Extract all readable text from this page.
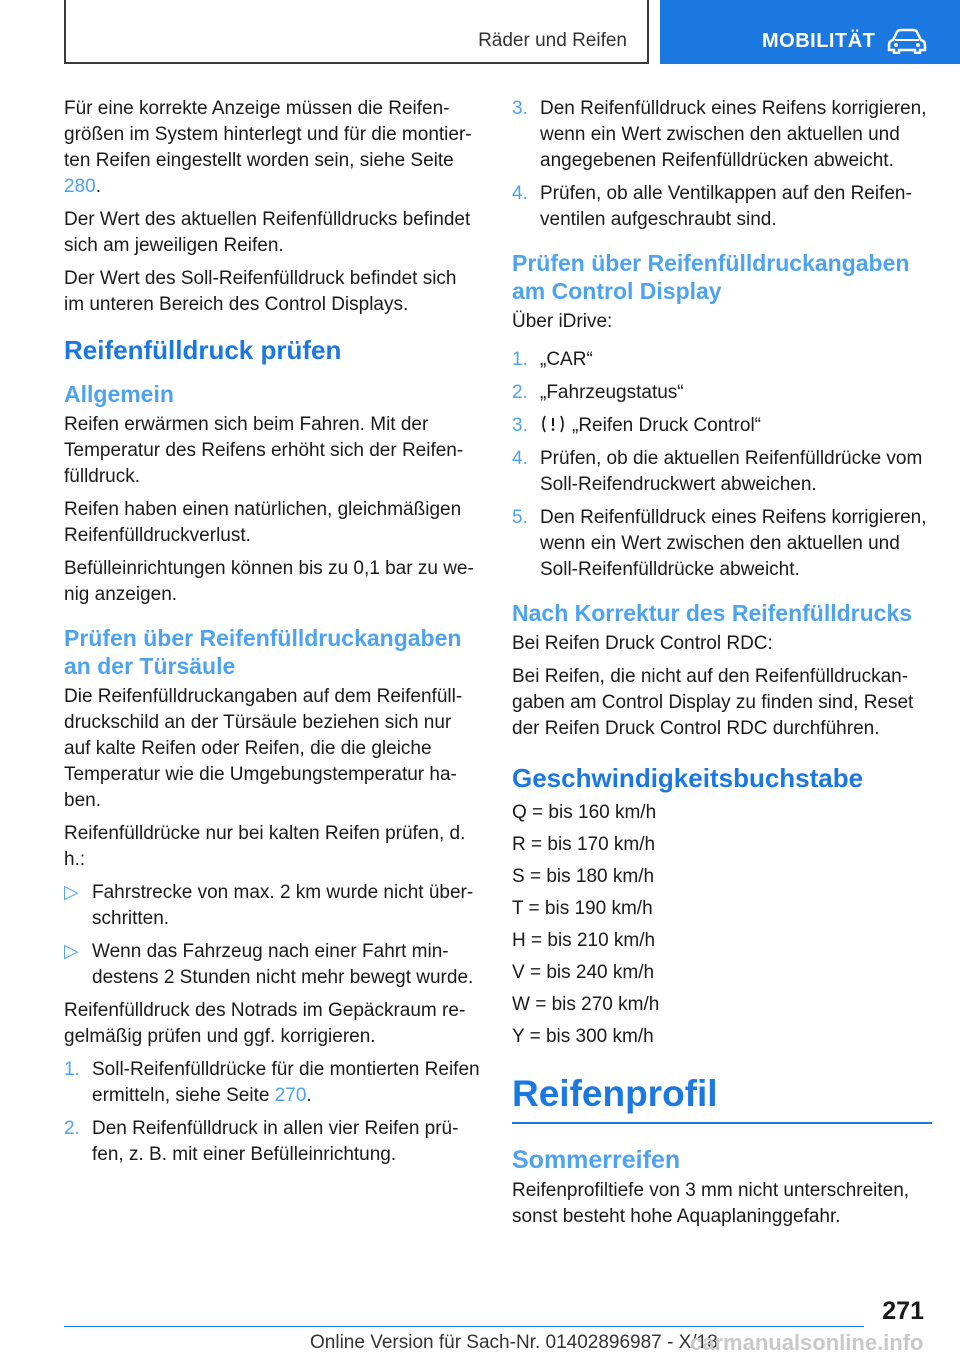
Räder und Reifen	MOBILITÄT

Für eine korrekte Anzeige müssen die Reifengrößen im System hinterlegt und für die montierten Reifen eingestellt worden sein, siehe Seite 280.

Der Wert des aktuellen Reifenfülldrucks befindet sich am jeweiligen Reifen.

Der Wert des Soll-Reifenfülldruck befindet sich im unteren Bereich des Control Displays.

Reifenfülldruck prüfen
Allgemein

Reifen erwärmen sich beim Fahren. Mit der Temperatur des Reifens erhöht sich der Reifenfülldruck.

Reifen haben einen natürlichen, gleichmäßigen Reifenfülldruckverlust.

Befülleinrichtungen können bis zu 0,1 bar zu wenig anzeigen.

Prüfen über Reifenfülldruckangaben an der Türsäule

Die Reifenfülldruckangaben auf dem Reifenfülldruckschild an der Türsäule beziehen sich nur auf kalte Reifen oder Reifen, die die gleiche Temperatur wie die Umgebungstemperatur haben.

Reifenfülldrücke nur bei kalten Reifen prüfen, d. h.:

▷ Fahrstrecke von max. 2 km wurde nicht überschritten.
▷ Wenn das Fahrzeug nach einer Fahrt mindestens 2 Stunden nicht mehr bewegt wurde.

Reifenfülldruck des Notrads im Gepäckraum regelmäßig prüfen und ggf. korrigieren.

1. Soll-Reifenfülldrücke für die montierten Reifen ermitteln, siehe Seite 270.
2. Den Reifenfülldruck in allen vier Reifen prüfen, z. B. mit einer Befülleinrichtung.
3. Den Reifenfülldruck eines Reifens korrigieren, wenn ein Wert zwischen den aktuellen und angegebenen Reifenfülldrücken abweicht.
4. Prüfen, ob alle Ventilkappen auf den Reifenventilen aufgeschraubt sind.
Prüfen über Reifenfülldruckangaben am Control Display

Über iDrive:

1. „CAR“
2. „Fahrzeugstatus“
3. „Reifen Druck Control“
4. Prüfen, ob die aktuellen Reifenfülldrücke vom Soll-Reifendruckwert abweichen.
5. Den Reifenfülldruck eines Reifens korrigieren, wenn ein Wert zwischen den aktuellen und Soll-Reifenfülldrücke abweicht.
Nach Korrektur des Reifenfülldrucks

Bei Reifen Druck Control RDC:

Bei Reifen, die nicht auf den Reifenfülldruckangaben am Control Display zu finden sind, Reset der Reifen Druck Control RDC durchführen.

Geschwindigkeitsbuchstabe

Q = bis 160 km/h

R = bis 170 km/h

S = bis 180 km/h

T = bis 190 km/h

H = bis 210 km/h

V = bis 240 km/h

W = bis 270 km/h

Y = bis 300 km/h

Reifenprofil
Sommerreifen

Reifenprofiltiefe von 3 mm nicht unterschreiten, sonst besteht hohe Aquaplaninggefahr.

271
Online Version für Sach-Nr. 01402896987 - X/18
carmanualsonline.info
